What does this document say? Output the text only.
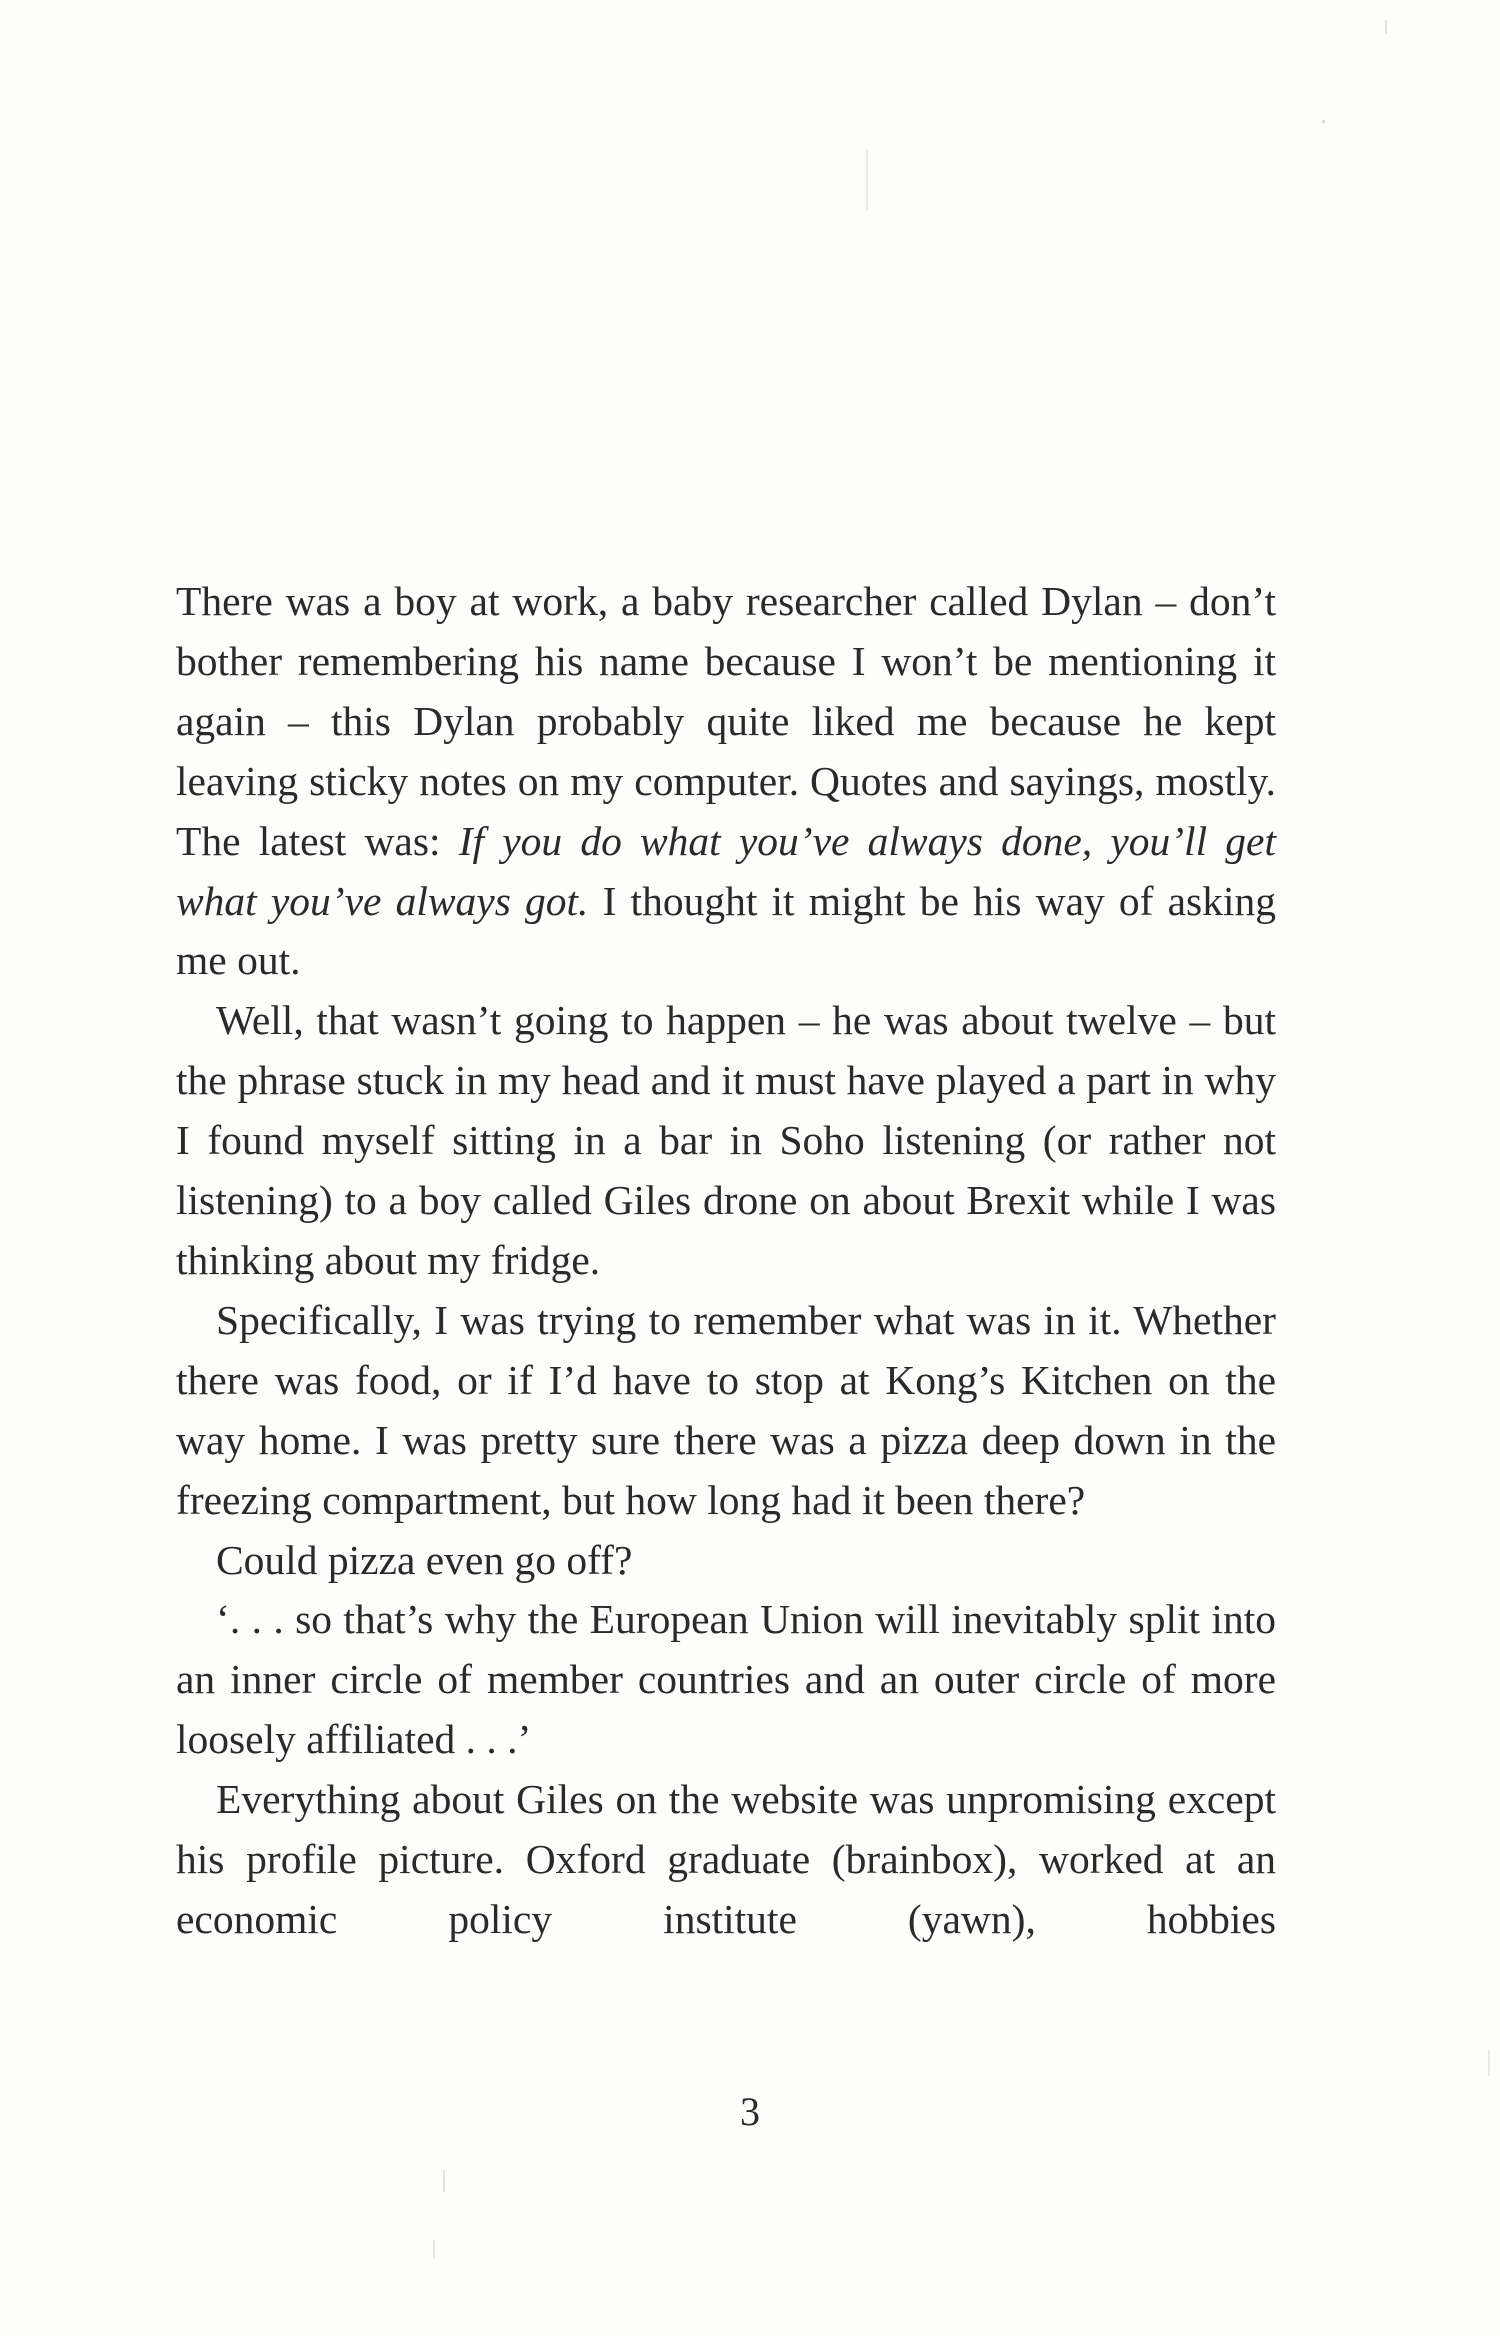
There was a boy at work, a baby researcher called Dylan – don’t bother remembering his name because I won’t be mentioning it again – this Dylan probably quite liked me because he kept leaving sticky notes on my computer. Quotes and sayings, mostly. The latest was: If you do what you’ve always done, you’ll get what you’ve always got. I thought it might be his way of asking me out.

Well, that wasn’t going to happen – he was about twelve – but the phrase stuck in my head and it must have played a part in why I found myself sitting in a bar in Soho listening (or rather not listening) to a boy called Giles drone on about Brexit while I was thinking about my fridge.

Specifically, I was trying to remember what was in it. Whether there was food, or if I’d have to stop at Kong’s Kitchen on the way home. I was pretty sure there was a pizza deep down in the freezing compartment, but how long had it been there?

Could pizza even go off?

‘. . . so that’s why the European Union will inevitably split into an inner circle of member countries and an outer circle of more loosely affiliated . . .’

Everything about Giles on the website was unpromising except his profile picture. Oxford graduate (brainbox), worked at an economic policy institute (yawn), hobbies

3
